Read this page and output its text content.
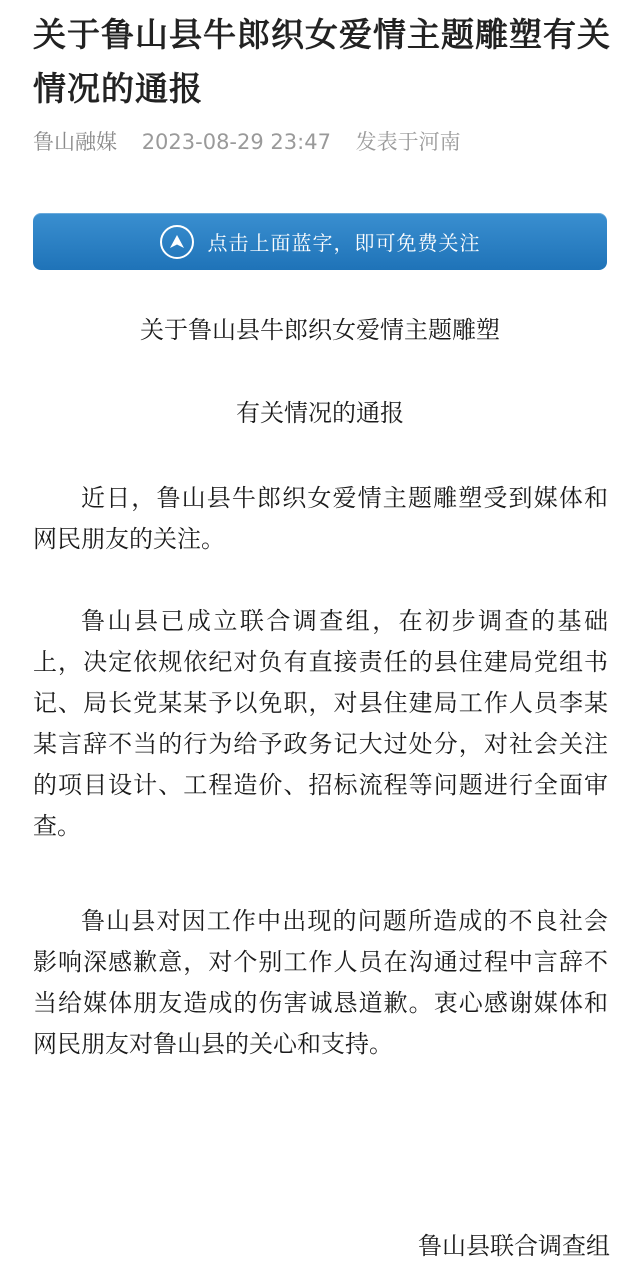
关于鲁山县牛郎织女爱情主题雕塑有关情况的通报
鲁山融媒 2023-08-29 23:47 发表于河南
点击上面蓝字，即可免费关注
关于鲁山县牛郎织女爱情主题雕塑
有关情况的通报

近日，鲁山县牛郎织女爱情主题雕塑受到媒体和网民朋友的关注。

鲁山县已成立联合调查组，在初步调查的基础上，决定依规依纪对负有直接责任的县住建局党组书记、局长党某某予以免职，对县住建局工作人员李某某言辞不当的行为给予政务记大过处分，对社会关注的项目设计、工程造价、招标流程等问题进行全面审查。

鲁山县对因工作中出现的问题所造成的不良社会影响深感歉意，对个别工作人员在沟通过程中言辞不当给媒体朋友造成的伤害诚恳道歉。衷心感谢媒体和网民朋友对鲁山县的关心和支持。

鲁山县联合调查组
